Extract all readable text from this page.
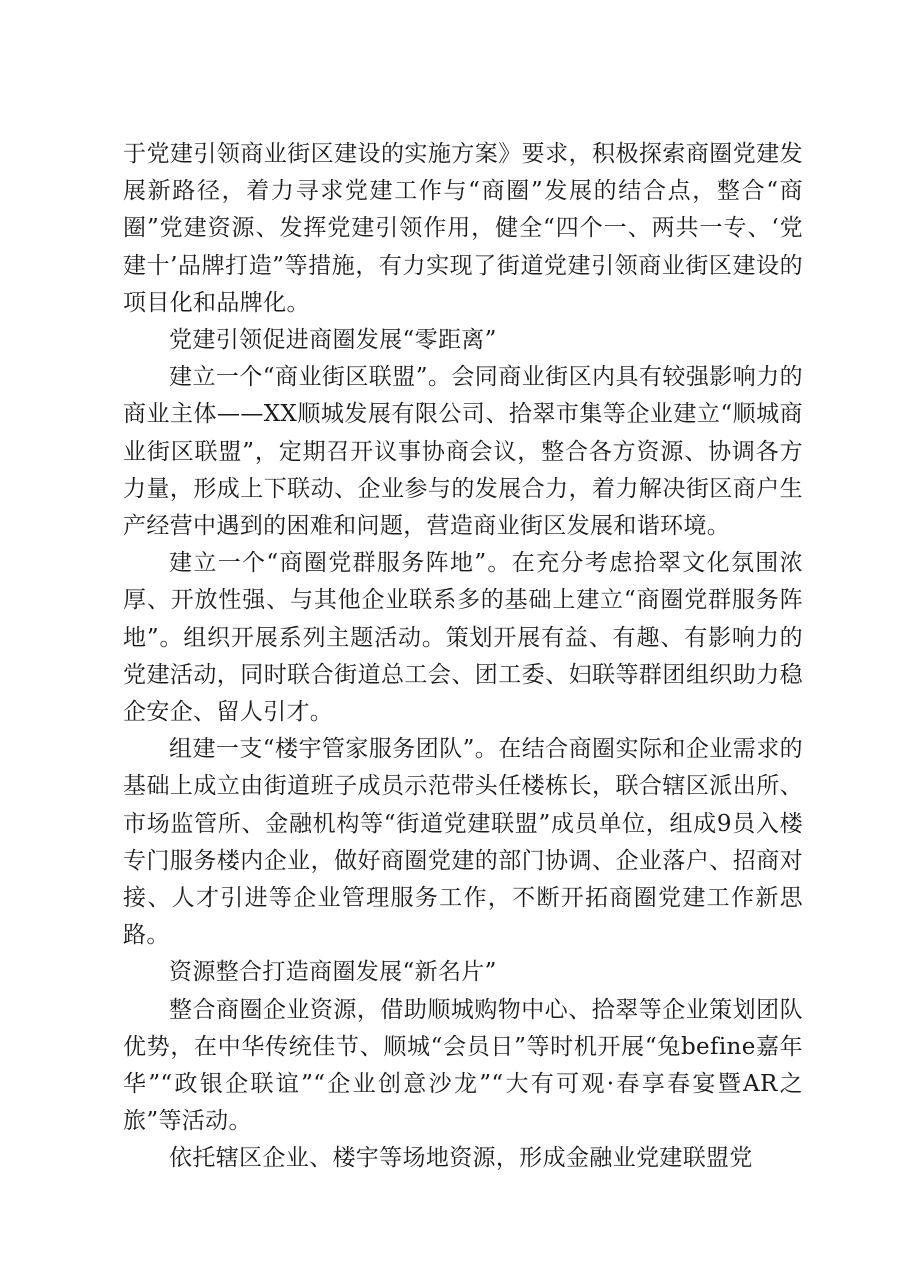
于党建引领商业街区建设的实施方案》要求，积极探索商圈党建发展新路径，着力寻求党建工作与“商圈”发展的结合点，整合“商圈”党建资源、发挥党建引领作用，健全“四个一、两共一专、‘党建十’品牌打造”等措施，有力实现了街道党建引领商业街区建设的项目化和品牌化。

党建引领促进商圈发展“零距离”

建立一个“商业街区联盟”。会同商业街区内具有较强影响力的商业主体——XX顺城发展有限公司、拾翠市集等企业建立“顺城商业街区联盟”，定期召开议事协商会议，整合各方资源、协调各方力量，形成上下联动、企业参与的发展合力，着力解决街区商户生产经营中遇到的困难和问题，营造商业街区发展和谐环境。

建立一个“商圈党群服务阵地”。在充分考虑拾翠文化氛围浓厚、开放性强、与其他企业联系多的基础上建立“商圈党群服务阵地”。组织开展系列主题活动。策划开展有益、有趣、有影响力的党建活动，同时联合街道总工会、团工委、妇联等群团组织助力稳企安企、留人引才。

组建一支“楼宇管家服务团队”。在结合商圈实际和企业需求的基础上成立由街道班子成员示范带头任楼栋长，联合辖区派出所、市场监管所、金融机构等“街道党建联盟”成员单位，组成9员入楼专门服务楼内企业，做好商圈党建的部门协调、企业落户、招商对接、人才引进等企业管理服务工作，不断开拓商圈党建工作新思路。

资源整合打造商圈发展“新名片”

整合商圈企业资源，借助顺城购物中心、拾翠等企业策划团队优势，在中华传统佳节、顺城“会员日”等时机开展“兔befine嘉年华”“政银企联谊”“企业创意沙龙”“大有可观·春享春宴暨AR之旅”等活动。

依托辖区企业、楼宇等场地资源，形成金融业党建联盟党
